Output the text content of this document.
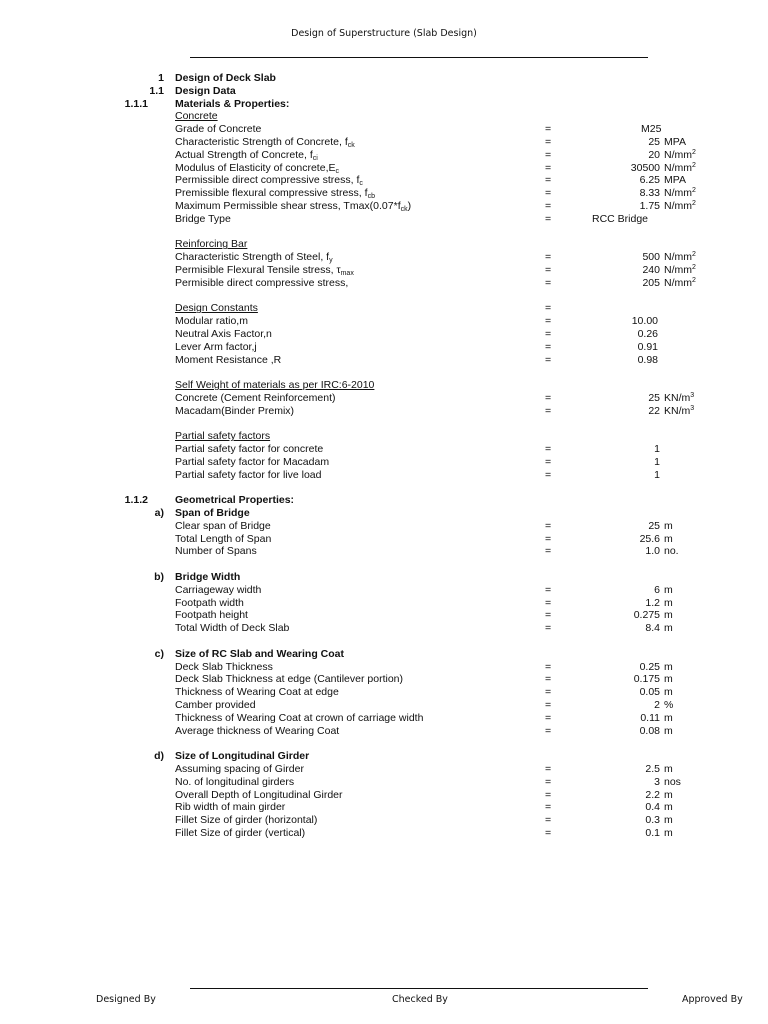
Design of Superstructure (Slab Design)
1 Design of Deck Slab
1.1 Design Data
1.1.1	Materials & Properties:
Concrete
Grade of Concrete	=	M25
Characteristic Strength of Concrete, $f_{ck}$	=	25 MPA
Actual Strength of Concrete, $f_{ci}$	=	20 $N/mm^2$
Modulus of Elasticity of $concrete,E_c$	=	30500 $N/mm^2$
Permissible direct compressive stress, $f_c$	=	6.25 MPA
Premissible flexural compressive stress, $f_{cb}$	=	8.33 $N/mm^2$
Maximum Permissible shear stress, $Tmax(0.07*f_{ck})$	=	1.75 $N/mm^2$
Bridge Type	=	RCC Bridge
Reinforcing Bar
Characteristic Strength of Steel, $f_y$	=	500 $N/mm^2$
Permisible Flexural Tensile stress, $\tau_{max}$	=	240 $N/mm^2$
Permisible direct compressive stress,	=	205 $N/mm^2$
Design Constants	=
Modular ratio,m	=	10.00
Neutral Axis Factor,n	=	0.26
Lever Arm factor,j	=	0.91
Moment Resistance ,R	=	0.98
Self Weight of materials as per IRC:6-2010
Concrete (Cement Reinforcement)	=	25 $KN/m^3$
Macadam(Binder Premix)	=	22 $KN/m^3$
Partial safety factors
Partial safety factor for concrete	=	1
Partial safety factor for Macadam	=	1
Partial safety factor for live load	=	1
1.1.2	Geometrical Properties:
a) Span of Bridge
Clear span of Bridge	=	25 m
Total Length of Span	=	25.6 m
Number of Spans	=	1.0 no.
b) Bridge Width
Carriageway width	=	6 m
Footpath width	=	1.2 m
Footpath height	=	0.275 m
Total Width of Deck Slab	=	8.4 m
c) Size of RC Slab and Wearing Coat
Deck Slab Thickness	=	0.25 m
Deck Slab Thickness at edge (Cantilever portion)	=	0.175 m
Thickness of Wearing Coat at edge	=	0.05 m
Camber provided	=	2 %
Thickness of Wearing Coat at crown of carriage width	=	0.11 m
Average thickness of Wearing Coat	=	0.08 m
d) Size of Longitudinal Girder
Assuming spacing of Girder	=	2.5 m
No. of longitudinal girders	=	3 nos
Overall Depth of Longitudinal Girder	=	2.2 m
Rib width of main girder	=	0.4 m
Fillet Size of girder (horizontal)	=	0.3 m
Fillet Size of girder (vertical)	=	0.1 m
Designed By	Checked By	Approved By
